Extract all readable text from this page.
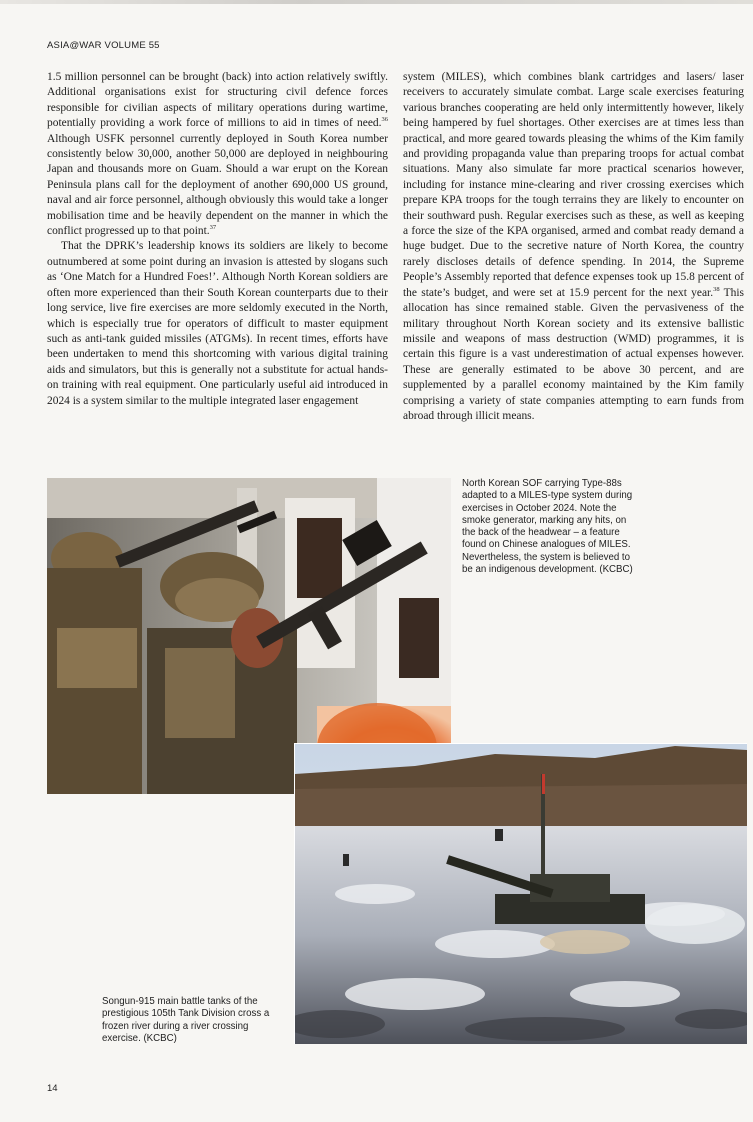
ASIA@WAR VOLUME 55

1.5 million personnel can be brought (back) into action relatively swiftly. Additional organisations exist for structuring civil defence forces responsible for civilian aspects of military operations during wartime, potentially providing a work force of millions to aid in times of need.$^{36}$ Although USFK personnel currently deployed in South Korea number consistently below 30,000, another 50,000 are deployed in neighbouring Japan and thousands more on Guam. Should a war erupt on the Korean Peninsula plans call for the deployment of another 690,000 US ground, naval and air force personnel, although obviously this would take a longer mobilisation time and be heavily dependent on the manner in which the conflict progressed up to that point.$^{37}$

That the DPRK’s leadership knows its soldiers are likely to become outnumbered at some point during an invasion is attested by slogans such as ‘One Match for a Hundred Foes!’. Although North Korean soldiers are often more experienced than their South Korean counterparts due to their long service, live fire exercises are more seldomly executed in the North, which is especially true for operators of difficult to master equipment such as anti-tank guided missiles (ATGMs). In recent times, efforts have been undertaken to mend this shortcoming with various digital training aids and simulators, but this is generally not a substitute for actual hands-on training with real equipment. One particularly useful aid introduced in 2024 is a system similar to the multiple integrated laser engagement

system (MILES), which combines blank cartridges and lasers/ laser receivers to accurately simulate combat. Large scale exercises featuring various branches cooperating are held only intermittently however, likely being hampered by fuel shortages. Other exercises are at times less than practical, and more geared towards pleasing the whims of the Kim family and providing propaganda value than preparing troops for actual combat situations. Many also simulate far more practical scenarios however, including for instance mine-clearing and river crossing exercises which prepare KPA troops for the tough terrains they are likely to encounter on their southward push. Regular exercises such as these, as well as keeping a force the size of the KPA organised, armed and combat ready demand a huge budget. Due to the secretive nature of North Korea, the country rarely discloses details of defence spending. In 2014, the Supreme People’s Assembly reported that defence expenses took up 15.8 percent of the state’s budget, and were set at 15.9 percent for the next year.$^{38}$ This allocation has since remained stable. Given the pervasiveness of the military throughout North Korean society and its extensive ballistic missile and weapons of mass destruction (WMD) programmes, it is certain this figure is a vast underestimation of actual expenses however. These are generally estimated to be above 30 percent, and are supplemented by a parallel economy maintained by the Kim family comprising a variety of state companies attempting to earn funds from abroad through illicit means.

North Korean SOF carrying Type-88s adapted to a MILES-type system during exercises in October 2024. Note the smoke generator, marking any hits, on the back of the headwear – a feature found on Chinese analogues of MILES. Nevertheless, the system is believed to be an indigenous development. (KCBC)
Songun-915 main battle tanks of the prestigious 105th Tank Division cross a frozen river during a river crossing exercise. (KCBC)
14
